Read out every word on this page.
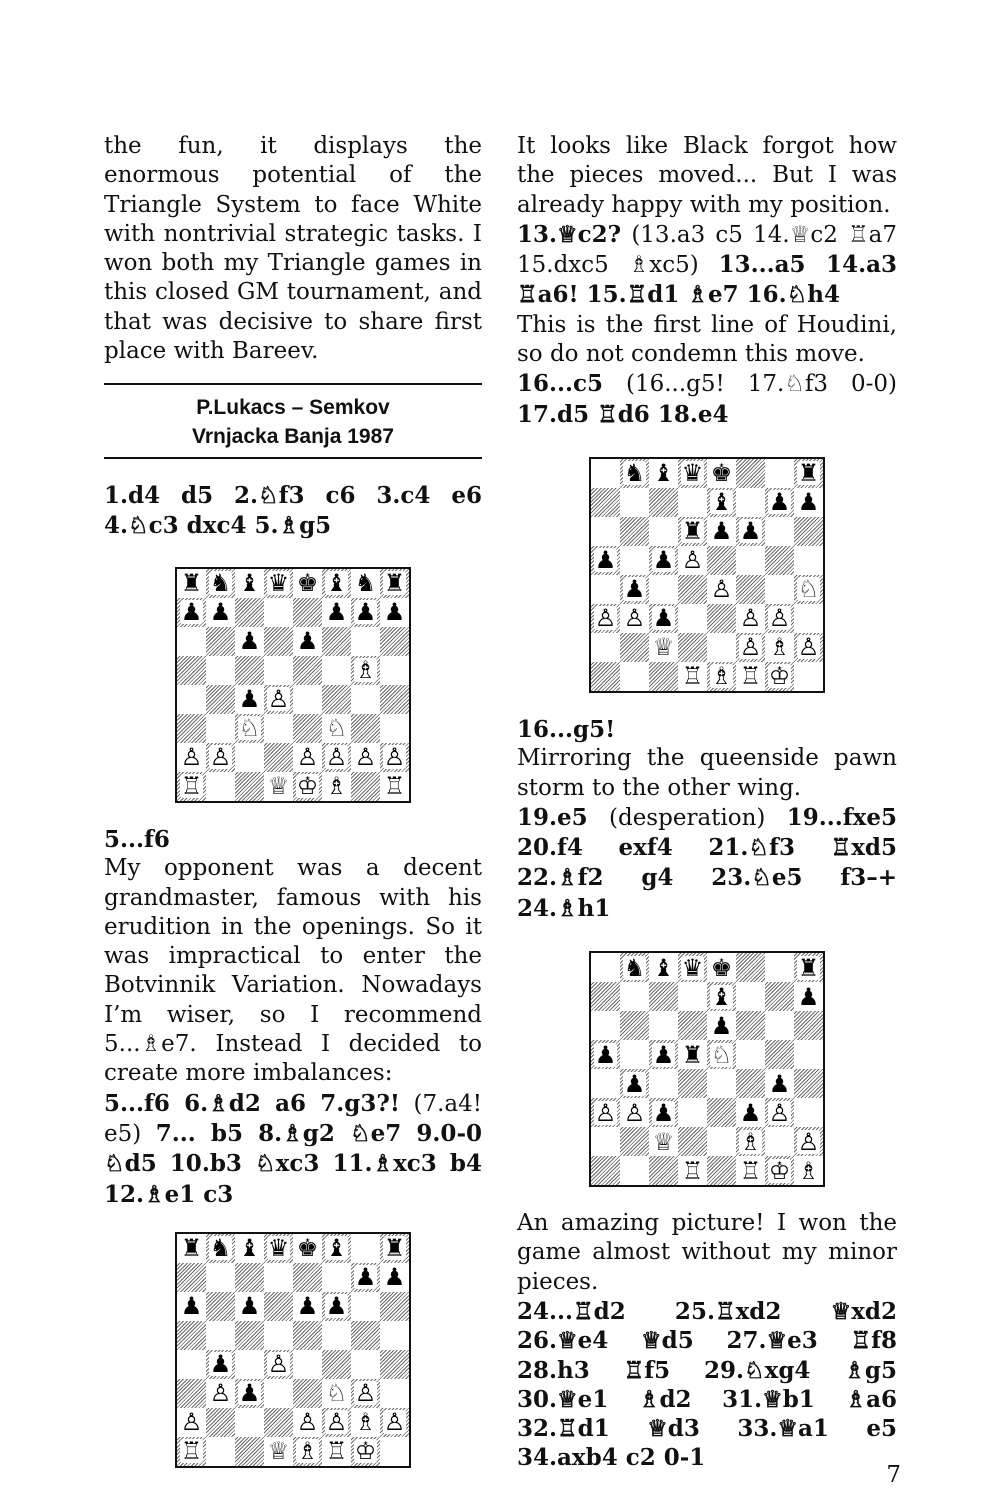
the fun, it displays the enormous potential of the Triangle System to face White with nontrivial strategic tasks. I won both my Triangle games in this closed GM tournament, and that was decisive to share first place with Bareev.

P.Lukacs – Semkov
Vrnjacka Banja 1987

1.d4 d5 2.♘f3 c6 3.c4 e6 4.♘c3 dxc4 5.♗g5

♜ ♞ ♝ ♛ ♚ ♝ ♞ ♜
♟ ♟	♟ ♟ ♟
♟ ♟
♗
♟ ♙
♘	♘
♙ ♙	♙ ♙ ♙ ♙
♖	♕ ♔ ♗ ♖

5...f6

My opponent was a decent grandmaster, famous with his erudition in the openings. So it was impractical to enter the Botvinnik Variation. Nowadays I’m wiser, so I recommend 5...♗e7. Instead I decided to create more imbalances:

5...f6 6.♗d2 a6 7.g3?! (7.a4! e5) 7... b5 8.♗g2 ♘e7 9.0-0 ♘d5 10.b3 ♘xc3 11.♗xc3 b4 12.♗e1 c3

♜ ♞ ♝ ♛ ♚ ♝ ♜
♟ ♟
♟ ♟ ♟ ♟
♟ ♙
♙ ♟	♘ ♙
♙	♙ ♙ ♗ ♙
♖	♕ ♗ ♖ ♔

It looks like Black forgot how the pieces moved... But I was already happy with my position.

13.♕c2? (13.a3 c5 14.♕c2 ♖a7 15.dxc5 ♗xc5) 13...a5 14.a3 ♖a6! 15.♖d1 ♗e7 16.♘h4

This is the first line of Houdini, so do not condemn this move.

16...c5 (16...g5! 17.♘f3 0-0) 17.d5 ♖d6 18.e4

♞ ♝ ♛ ♚	♜
♝ ♟ ♟
♜ ♟ ♟
♟ ♟ ♙
♟	♙	♘
♙ ♙ ♟	♙ ♙
♕	♙ ♗ ♙
♖ ♗ ♖ ♔

16...g5!

Mirroring the queenside pawn storm to the other wing.

19.e5 (desperation) 19...fxe5 20.f4 exf4 21.♘f3 ♖xd5 22.♗f2 g4 23.♘e5 f3–+ 24.♗h1

♞ ♝ ♛ ♚	♜
♝	♟
♟
♟ ♟ ♜ ♘
♟	♟
♙ ♙ ♟	♟ ♙
♕	♗ ♙
♖ ♖ ♔ ♗

An amazing picture! I won the game almost without my minor pieces.

24...♖d2 25.♖xd2 ♕xd2 26.♕e4 ♕d5 27.♕e3 ♖f8 28.h3 ♖f5 29.♘xg4 ♗g5 30.♕e1 ♗d2 31.♕b1 ♗a6 32.♖d1 ♕d3 33.♕a1 e5 34.axb4 c2 0-1

7
